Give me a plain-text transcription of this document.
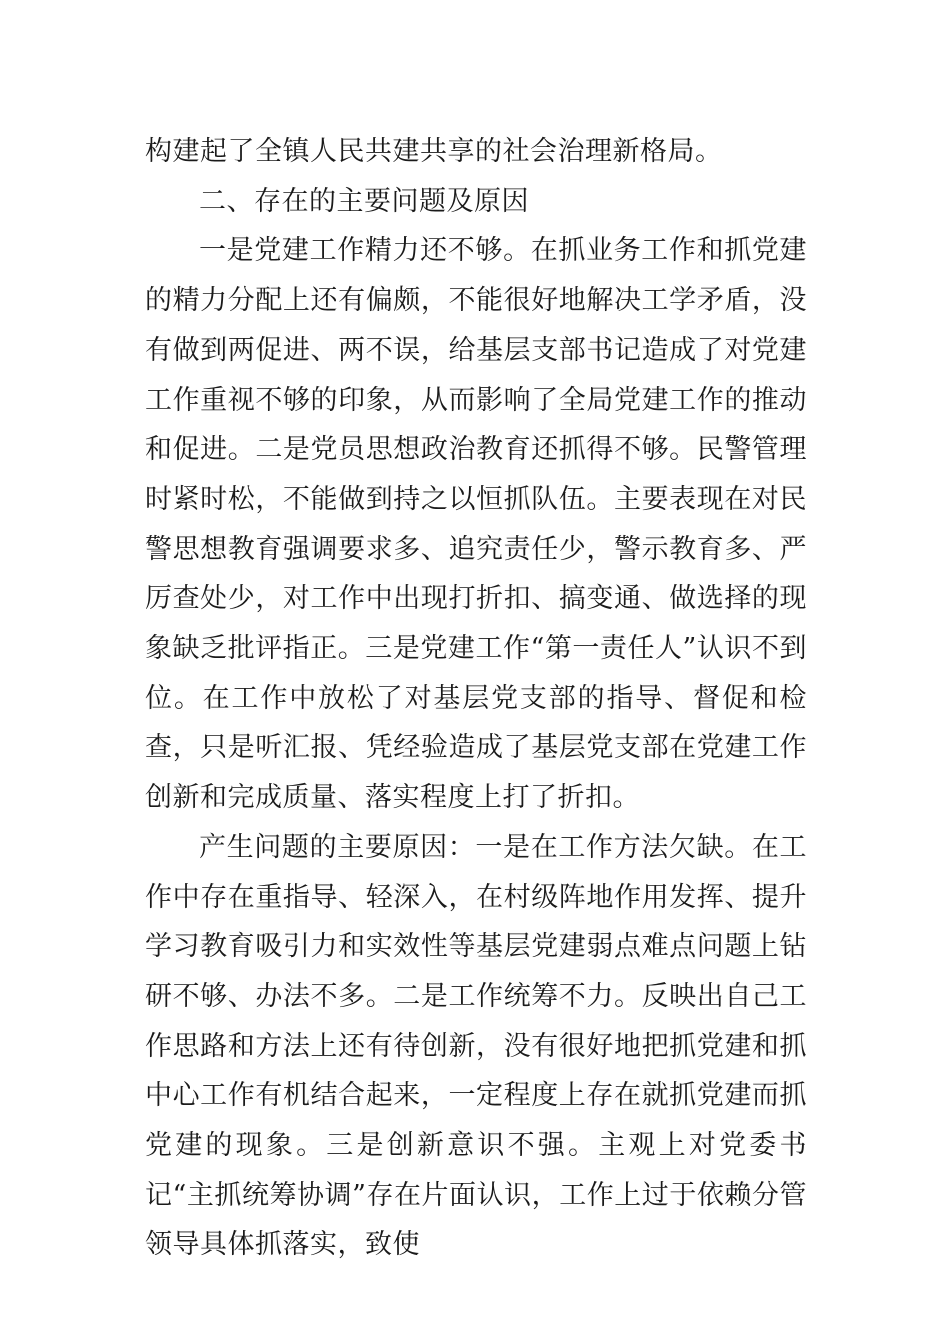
构建起了全镇人民共建共享的社会治理新格局。

二、存在的主要问题及原因

一是党建工作精力还不够。在抓业务工作和抓党建的精力分配上还有偏颇，不能很好地解决工学矛盾，没有做到两促进、两不误，给基层支部书记造成了对党建工作重视不够的印象，从而影响了全局党建工作的推动和促进。二是党员思想政治教育还抓得不够。民警管理时紧时松，不能做到持之以恒抓队伍。主要表现在对民警思想教育强调要求多、追究责任少，警示教育多、严厉查处少，对工作中出现打折扣、搞变通、做选择的现象缺乏批评指正。三是党建工作“第一责任人”认识不到位。在工作中放松了对基层党支部的指导、督促和检查，只是听汇报、凭经验造成了基层党支部在党建工作创新和完成质量、落实程度上打了折扣。

产生问题的主要原因：一是在工作方法欠缺。在工作中存在重指导、轻深入，在村级阵地作用发挥、提升学习教育吸引力和实效性等基层党建弱点难点问题上钻研不够、办法不多。二是工作统筹不力。反映出自己工作思路和方法上还有待创新，没有很好地把抓党建和抓中心工作有机结合起来，一定程度上存在就抓党建而抓党建的现象。三是创新意识不强。主观上对党委书记“主抓统筹协调”存在片面认识，工作上过于依赖分管领导具体抓落实，致使
